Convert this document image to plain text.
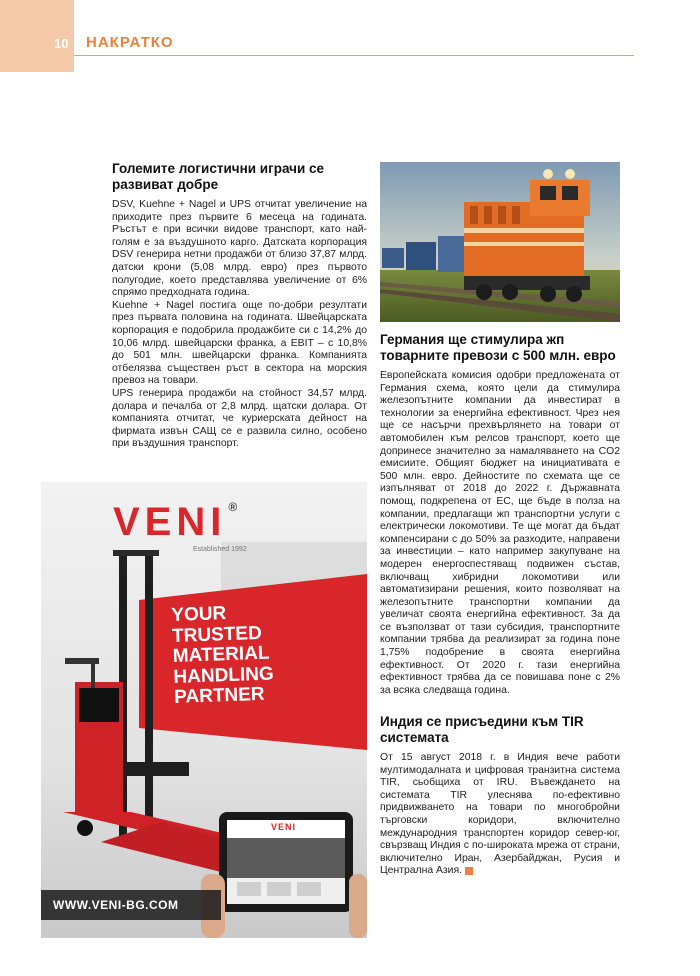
10 НАКРАТКО
Големите логистични играчи се развиват добре

DSV, Kuehne + Nagel и UPS отчитат увеличение на приходите през първите 6 месеца на годината. Ръстът е при всички видове транспорт, като най-голям е за въздушното карго. Датската корпорация DSV генерира нетни продажби от близо 37,87 млрд. датски крони (5,08 млрд. евро) през първото полугодие, което представлява увеличение от 6% спрямо предходната година.

Kuehne + Nagel постига още по-добри резултати през първата половина на годината. Швейцарската корпорация е подобрила продажбите си с 14,2% до 10,06 млрд. швейцарски франка, а EBIT – с 10,8% до 501 млн. швейцарски франка. Компанията отбелязва съществен ръст в сектора на морския превоз на товари.

UPS генерира продажби на стойност 34,57 млрд. долара и печалба от 2,8 млрд. щатски долара. От компанията отчитат, че куриерската дейност на фирмата извън САЩ се е развила силно, особено при въздушния транспорт.

Германия ще стимулира жп товарните превози с 500 млн. евро

Европейската комисия одобри предложената от Германия схема, която цели да стимулира железопътните компании да инвестират в технологии за енергийна ефективност. Чрез нея ще се насърчи прехвърлянето на товари от автомобилен към релсов транспорт, което ще допринесе значително за намаляването на CO2 емисиите. Общият бюджет на инициативата е 500 млн. евро. Дейностите по схемата ще се изпълняват от 2018 до 2022 г. Държавната помощ, подкрепена от ЕС, ще бъде в полза на компании, предлагащи жп транспортни услуги с електрически локомотиви. Те ще могат да бъдат компенсирани с до 50% за разходите, направени за инвестиции – като например закупуване на модерен енергоспестяващ подвижен състав, включващ хибридни локомотиви или автоматизирани решения, които позволяват на железопътните транспортни компании да увеличат своята енергийна ефективност. За да се възползват от тази субсидия, транспортните компании трябва да реализират за година поне 1,75% подобрение в своята енергийна ефективност. От 2020 г. тази енергийна ефективност трябва да се повишава поне с 2% за всяка следваща година.

Индия се присъедини към TIR системата

От 15 август 2018 г. в Индия вече работи мултимодалната и цифровая транзитна система TIR, сьобщиха от IRU. Въвеждането на системата TIR улеснява по-ефективно придвижването на товари по многобройни търговски коридори, включително международния транспортен коридор север-юг, свързващ Индия с по-широката мрежа от страни, включително Иран, Азербайджан, Русия и Централна Азия.

VENI ®
Established 1992
YOUR
TRUSTED
MATERIAL
HANDLING
PARTNER
VENI
WWW.VENI-BG.COM
